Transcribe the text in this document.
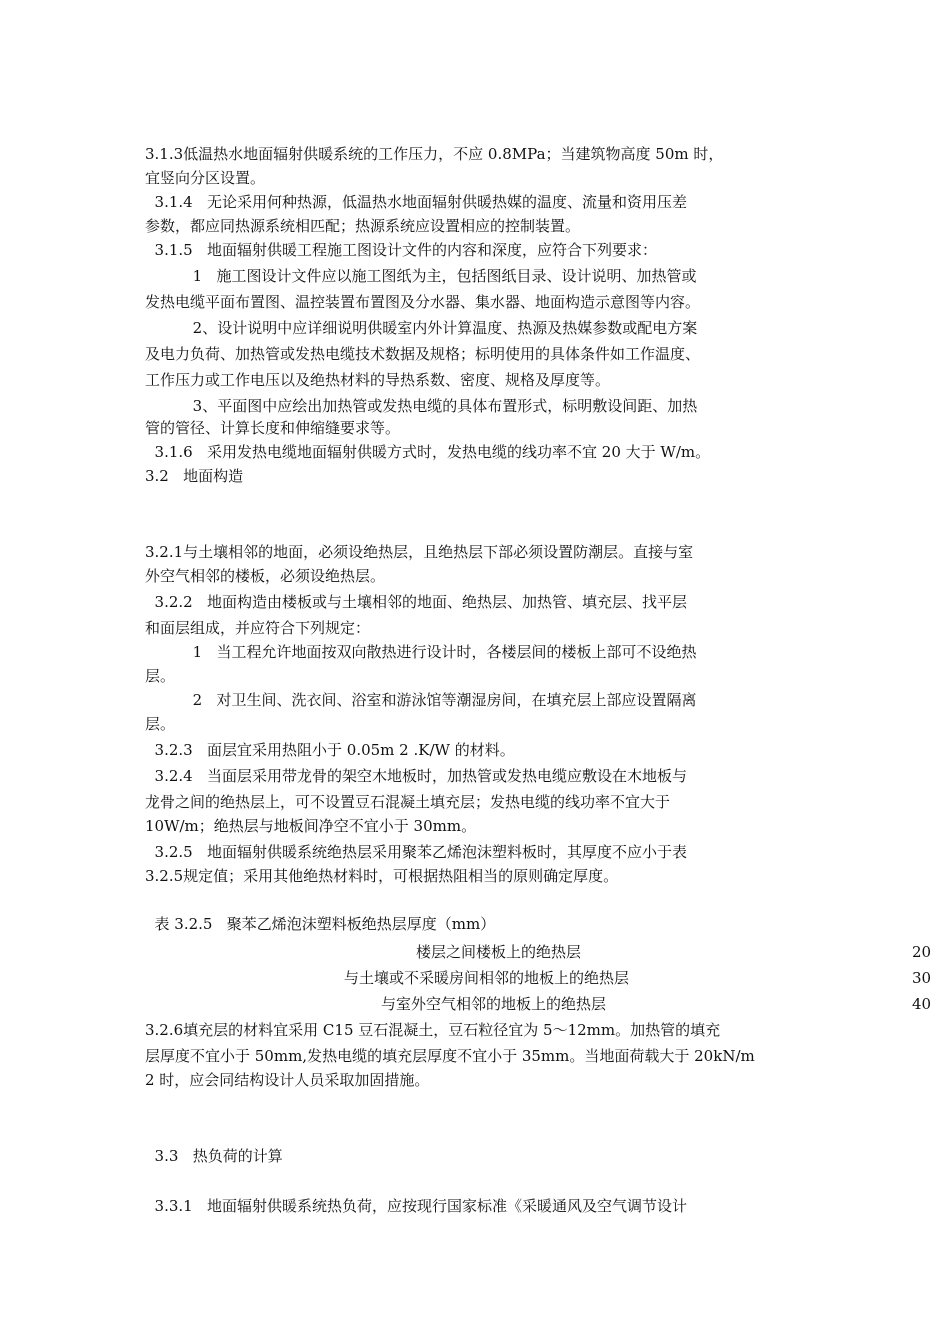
3.1.3低温热水地面辐射供暖系统的工作压力，不应 0.8MPa；当建筑物高度 50m 时，
宜竖向分区设置。
3.1.4   无论采用何种热源，低温热水地面辐射供暖热媒的温度、流量和资用压差
参数，都应同热源系统相匹配；热源系统应设置相应的控制装置。
3.1.5   地面辐射供暖工程施工图设计文件的内容和深度，应符合下列要求：
1   施工图设计文件应以施工图纸为主，包括图纸目录、设计说明、加热管或
发热电缆平面布置图、温控装置布置图及分水器、集水器、地面构造示意图等内容。
2、设计说明中应详细说明供暖室内外计算温度、热源及热媒参数或配电方案
及电力负荷、加热管或发热电缆技术数据及规格；标明使用的具体条件如工作温度、
工作压力或工作电压以及绝热材料的导热系数、密度、规格及厚度等。
3、平面图中应绘出加热管或发热电缆的具体布置形式，标明敷设间距、加热
管的管径、计算长度和伸缩缝要求等。
3.1.6   采用发热电缆地面辐射供暖方式时，发热电缆的线功率不宜 20 大于 W/m。
3.2   地面构造
3.2.1与土壤相邻的地面，必须设绝热层，且绝热层下部必须设置防潮层。直接与室
外空气相邻的楼板，必须设绝热层。
3.2.2   地面构造由楼板或与土壤相邻的地面、绝热层、加热管、填充层、找平层
和面层组成，并应符合下列规定：
1   当工程允许地面按双向散热进行设计时，各楼层间的楼板上部可不设绝热
层。
2   对卫生间、洗衣间、浴室和游泳馆等潮湿房间，在填充层上部应设置隔离
层。
3.2.3   面层宜采用热阻小于 0.05m 2 .K/W 的材料。
3.2.4   当面层采用带龙骨的架空木地板时，加热管或发热电缆应敷设在木地板与
龙骨之间的绝热层上，可不设置豆石混凝土填充层；发热电缆的线功率不宜大于
10W/m；绝热层与地板间净空不宜小于 30mm。
3.2.5   地面辐射供暖系统绝热层采用聚苯乙烯泡沫塑料板时，其厚度不应小于表
3.2.5规定值；采用其他绝热材料时，可根据热阻相当的原则确定厚度。
表 3.2.5   聚苯乙烯泡沫塑料板绝热层厚度（mm）
楼层之间楼板上的绝热层	20
与土壤或不采暖房间相邻的地板上的绝热层	30
与室外空气相邻的地板上的绝热层	40
3.2.6填充层的材料宜采用 C15 豆石混凝土，豆石粒径宜为 5～12mm。加热管的填充
层厚度不宜小于 50mm,发热电缆的填充层厚度不宜小于 35mm。当地面荷载大于 20kN/m
2 时，应会同结构设计人员采取加固措施。
3.3   热负荷的计算
3.3.1   地面辐射供暖系统热负荷，应按现行国家标准《采暖通风及空气调节设计
